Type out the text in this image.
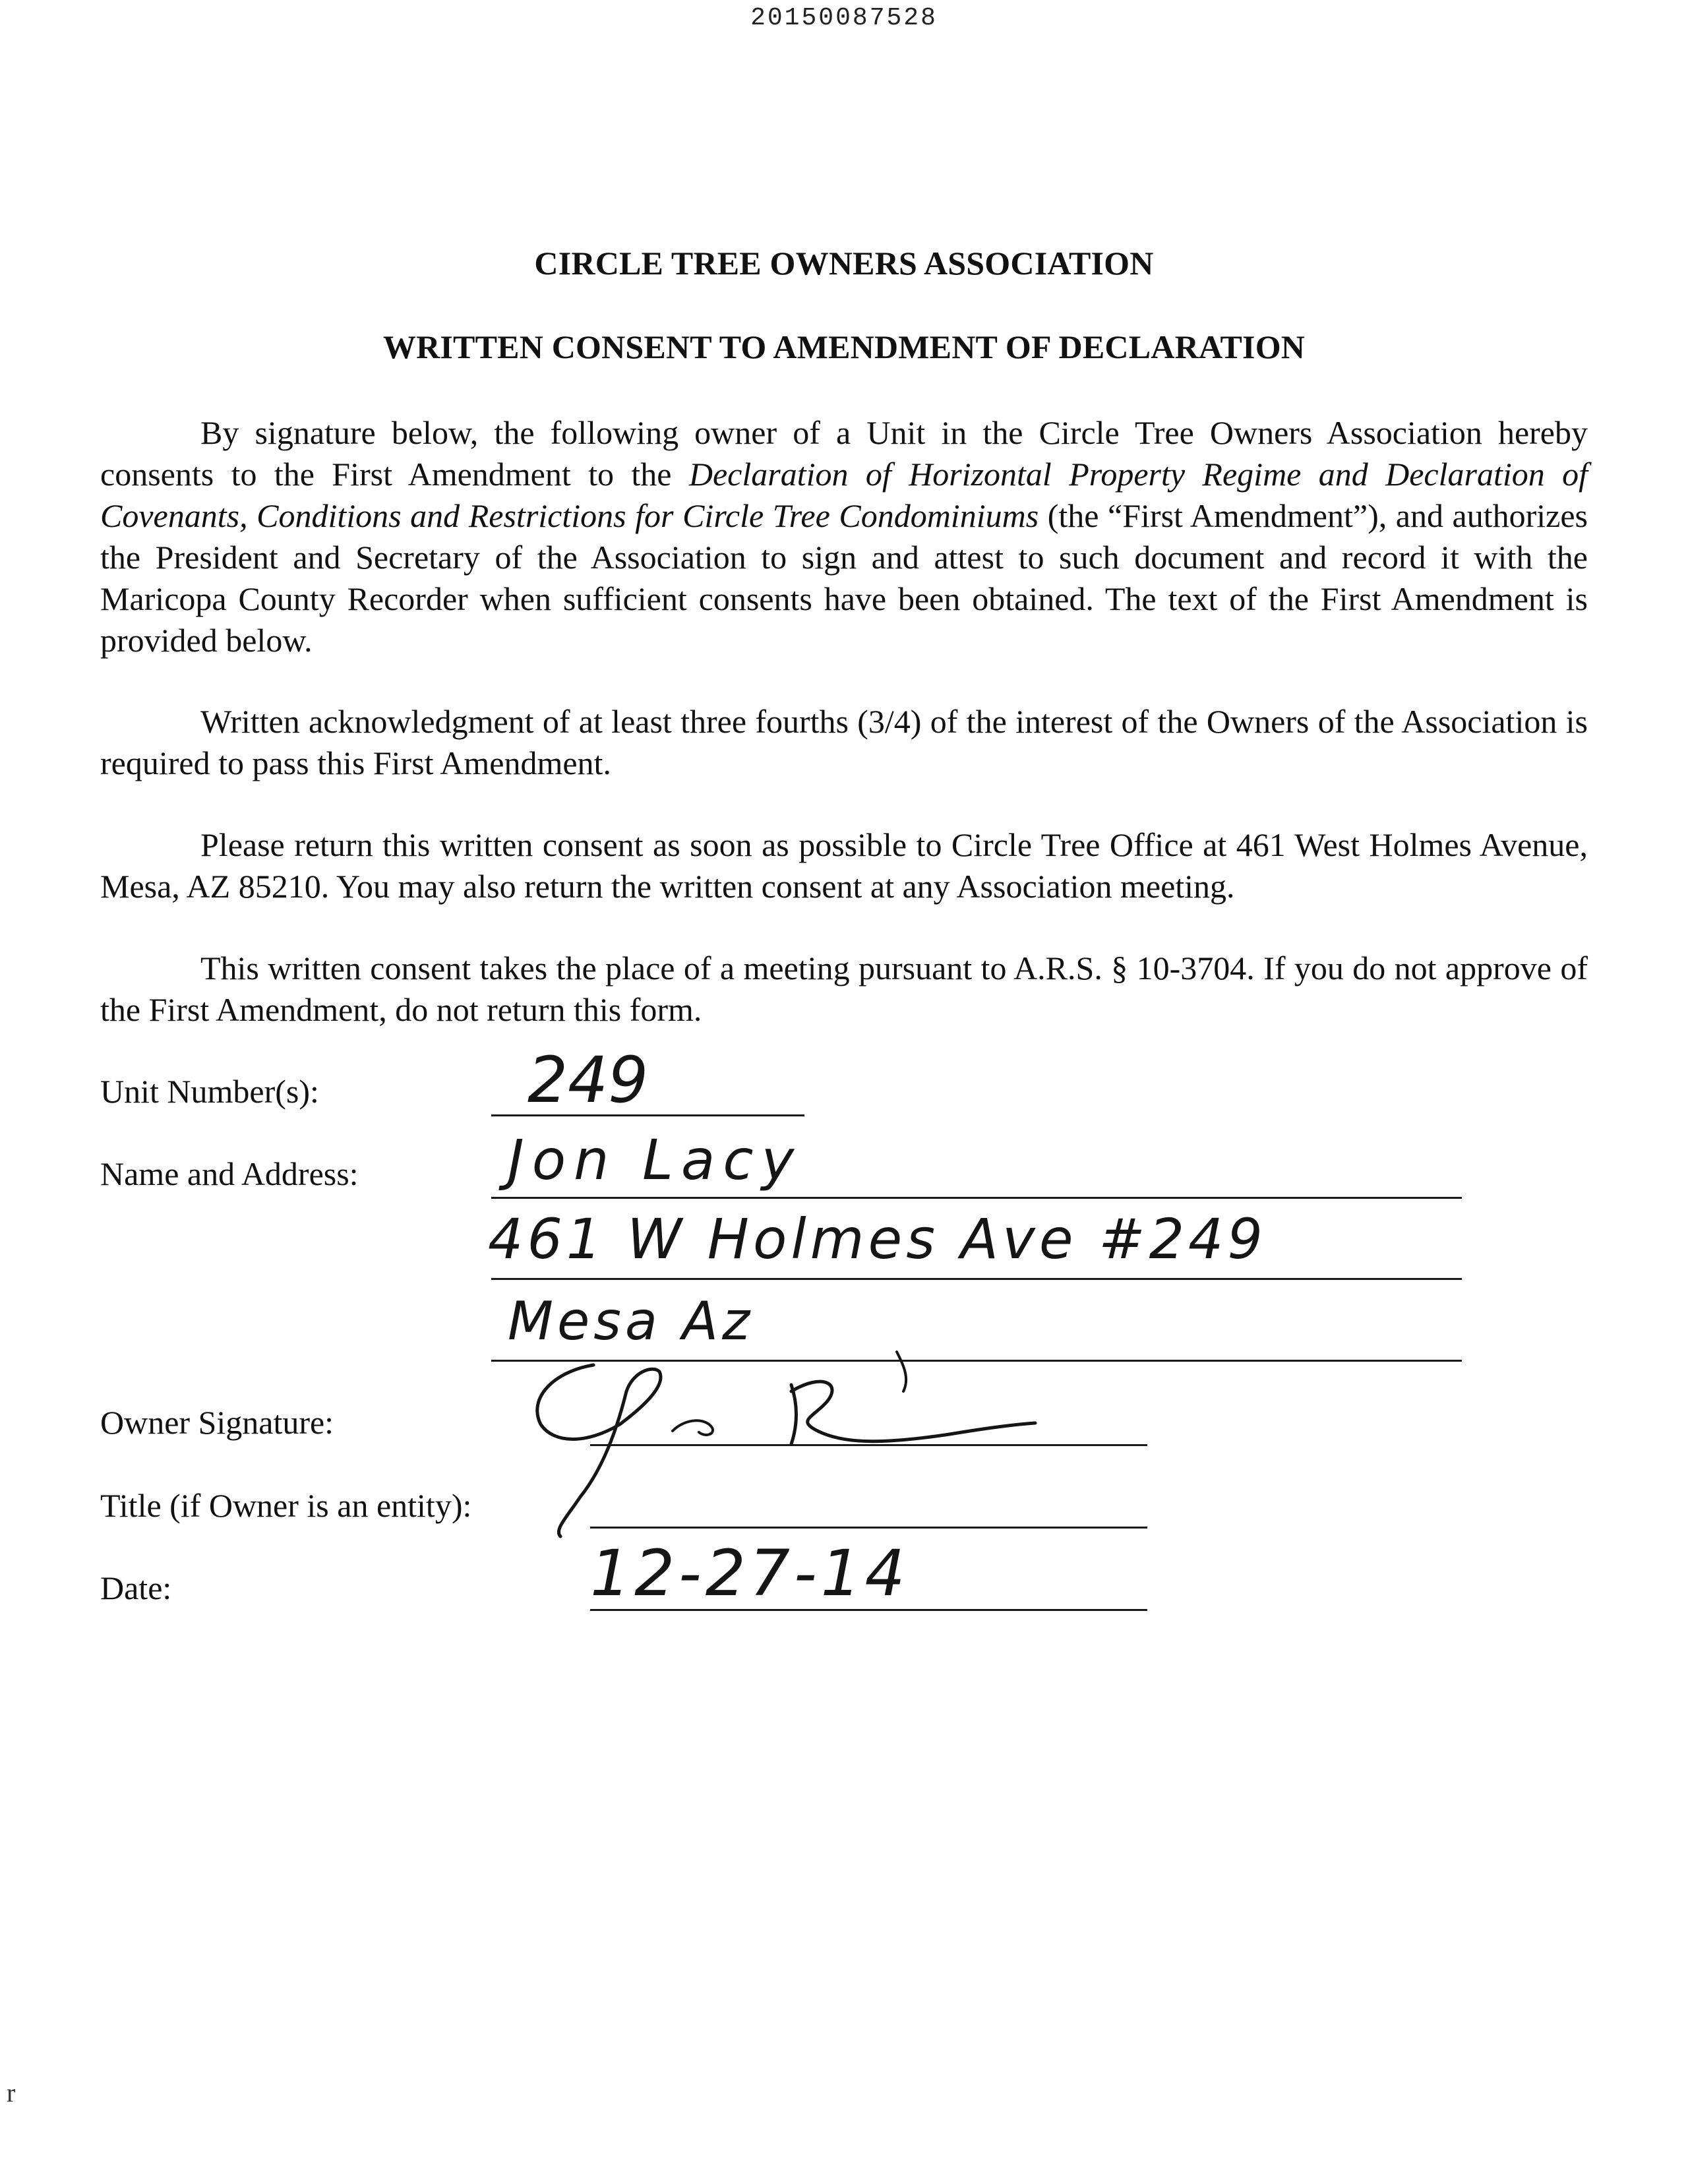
20150087528
CIRCLE TREE OWNERS ASSOCIATION
WRITTEN CONSENT TO AMENDMENT OF DECLARATION
By signature below, the following owner of a Unit in the Circle Tree Owners Association hereby consents to the First Amendment to the Declaration of Horizontal Property Regime and Declaration of Covenants, Conditions and Restrictions for Circle Tree Condominiums (the “First Amendment”), and authorizes the President and Secretary of the Association to sign and attest to such document and record it with the Maricopa County Recorder when sufficient consents have been obtained. The text of the First Amendment is provided below.
Written acknowledgment of at least three fourths (3/4) of the interest of the Owners of the Association is required to pass this First Amendment.
Please return this written consent as soon as possible to Circle Tree Office at 461 West Holmes Avenue, Mesa, AZ 85210. You may also return the written consent at any Association meeting.
This written consent takes the place of a meeting pursuant to A.R.S. § 10-3704. If you do not approve of the First Amendment, do not return this form.
Unit Number(s):
Name and Address:
Owner Signature:
Title (if Owner is an entity):
Date:
249
Jon Lacy
461 W Holmes Ave #249
Mesa Az
12-27-14
r
